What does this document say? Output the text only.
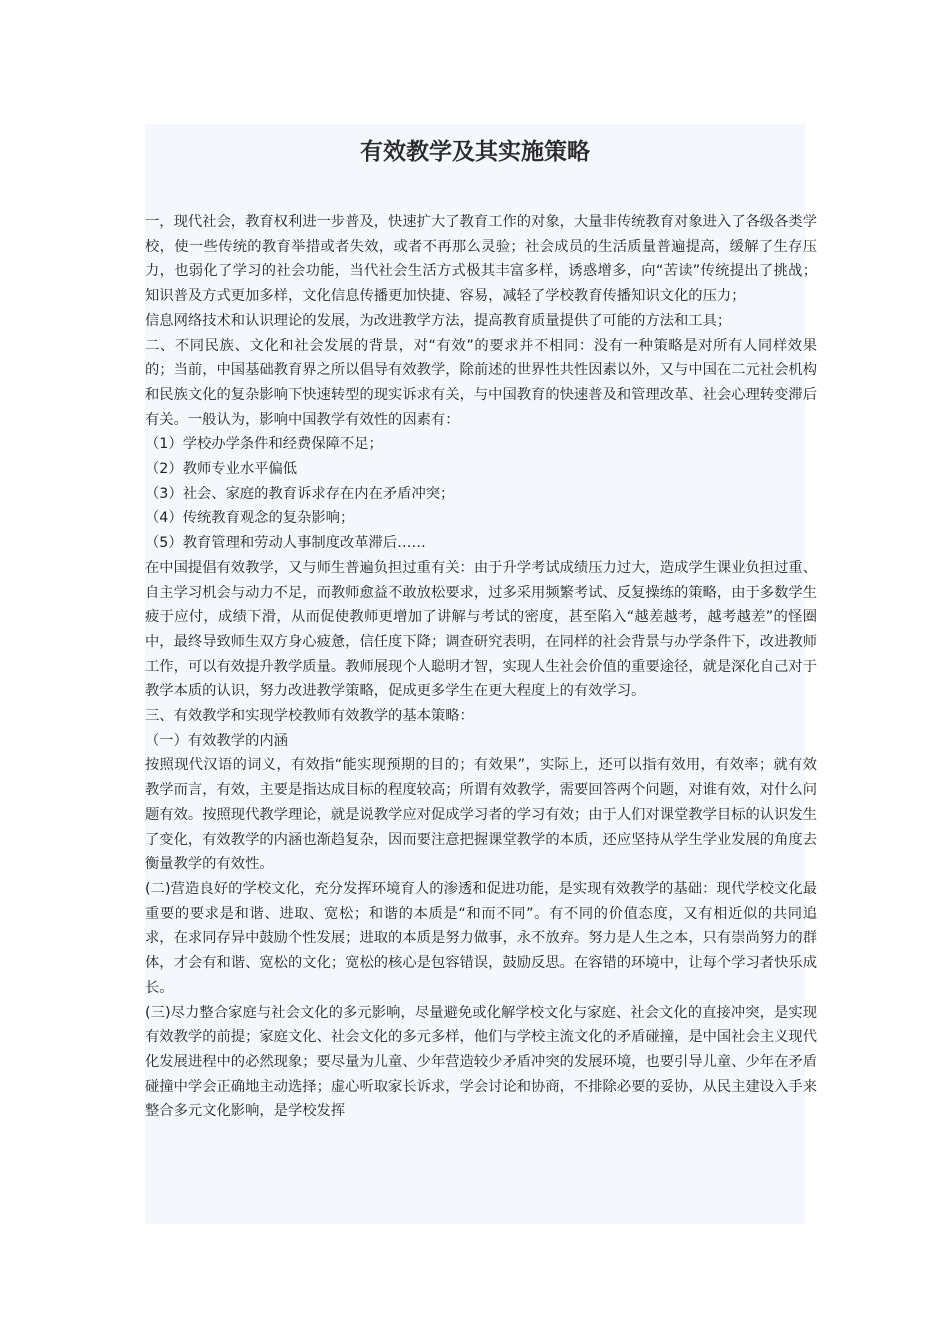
有效教学及其实施策略

一，现代社会，教育权利进一步普及，快速扩大了教育工作的对象，大量非传统教育对象进入了各级各类学校，使一些传统的教育举措或者失效，或者不再那么灵验；社会成员的生活质量普遍提高，缓解了生存压力，也弱化了学习的社会功能，当代社会生活方式极其丰富多样，诱惑增多，向“苦读”传统提出了挑战；知识普及方式更加多样，文化信息传播更加快捷、容易，减轻了学校教育传播知识文化的压力；

信息网络技术和认识理论的发展，为改进教学方法，提高教育质量提供了可能的方法和工具；

二、不同民族、文化和社会发展的背景，对“有效”的要求并不相同：没有一种策略是对所有人同样效果的；当前，中国基础教育界之所以倡导有效教学，除前述的世界性共性因素以外，又与中国在二元社会机构和民族文化的复杂影响下快速转型的现实诉求有关，与中国教育的快速普及和管理改革、社会心理转变滞后有关。一般认为，影响中国教学有效性的因素有：

（1）学校办学条件和经费保障不足；

（2）教师专业水平偏低

（3）社会、家庭的教育诉求存在内在矛盾冲突；

（4）传统教育观念的复杂影响；

（5）教育管理和劳动人事制度改革滞后……

在中国提倡有效教学，又与师生普遍负担过重有关：由于升学考试成绩压力过大，造成学生课业负担过重、自主学习机会与动力不足，而教师愈益不敢放松要求，过多采用频繁考试、反复操练的策略，由于多数学生疲于应付，成绩下滑，从而促使教师更增加了讲解与考试的密度，甚至陷入“越差越考，越考越差”的怪圈中，最终导致师生双方身心疲惫，信任度下降；调查研究表明，在同样的社会背景与办学条件下，改进教师工作，可以有效提升教学质量。教师展现个人聪明才智，实现人生社会价值的重要途径，就是深化自己对于教学本质的认识，努力改进教学策略，促成更多学生在更大程度上的有效学习。

三、有效教学和实现学校教师有效教学的基本策略：

（一）有效教学的内涵

按照现代汉语的词义，有效指“能实现预期的目的；有效果”，实际上，还可以指有效用，有效率；就有效教学而言，有效，主要是指达成目标的程度较高；所谓有效教学，需要回答两个问题，对谁有效，对什么问题有效。按照现代教学理论，就是说教学应对促成学习者的学习有效；由于人们对课堂教学目标的认识发生了变化，有效教学的内涵也渐趋复杂，因而要注意把握课堂教学的本质，还应坚持从学生学业发展的角度去衡量教学的有效性。

(二)营造良好的学校文化，充分发挥环境育人的渗透和促进功能，是实现有效教学的基础：现代学校文化最重要的要求是和谐、进取、宽松；和谐的本质是“和而不同”。有不同的价值态度，又有相近似的共同追求，在求同存异中鼓励个性发展；进取的本质是努力做事，永不放弃。努力是人生之本，只有崇尚努力的群体，才会有和谐、宽松的文化；宽松的核心是包容错误，鼓励反思。在容错的环境中，让每个学习者快乐成长。

(三)尽力整合家庭与社会文化的多元影响，尽量避免或化解学校文化与家庭、社会文化的直接冲突，是实现有效教学的前提；家庭文化、社会文化的多元多样，他们与学校主流文化的矛盾碰撞，是中国社会主义现代化发展进程中的必然现象；要尽量为儿童、少年营造较少矛盾冲突的发展环境，也要引导儿童、少年在矛盾碰撞中学会正确地主动选择；虚心听取家长诉求，学会讨论和协商，不排除必要的妥协，从民主建设入手来整合多元文化影响，是学校发挥
